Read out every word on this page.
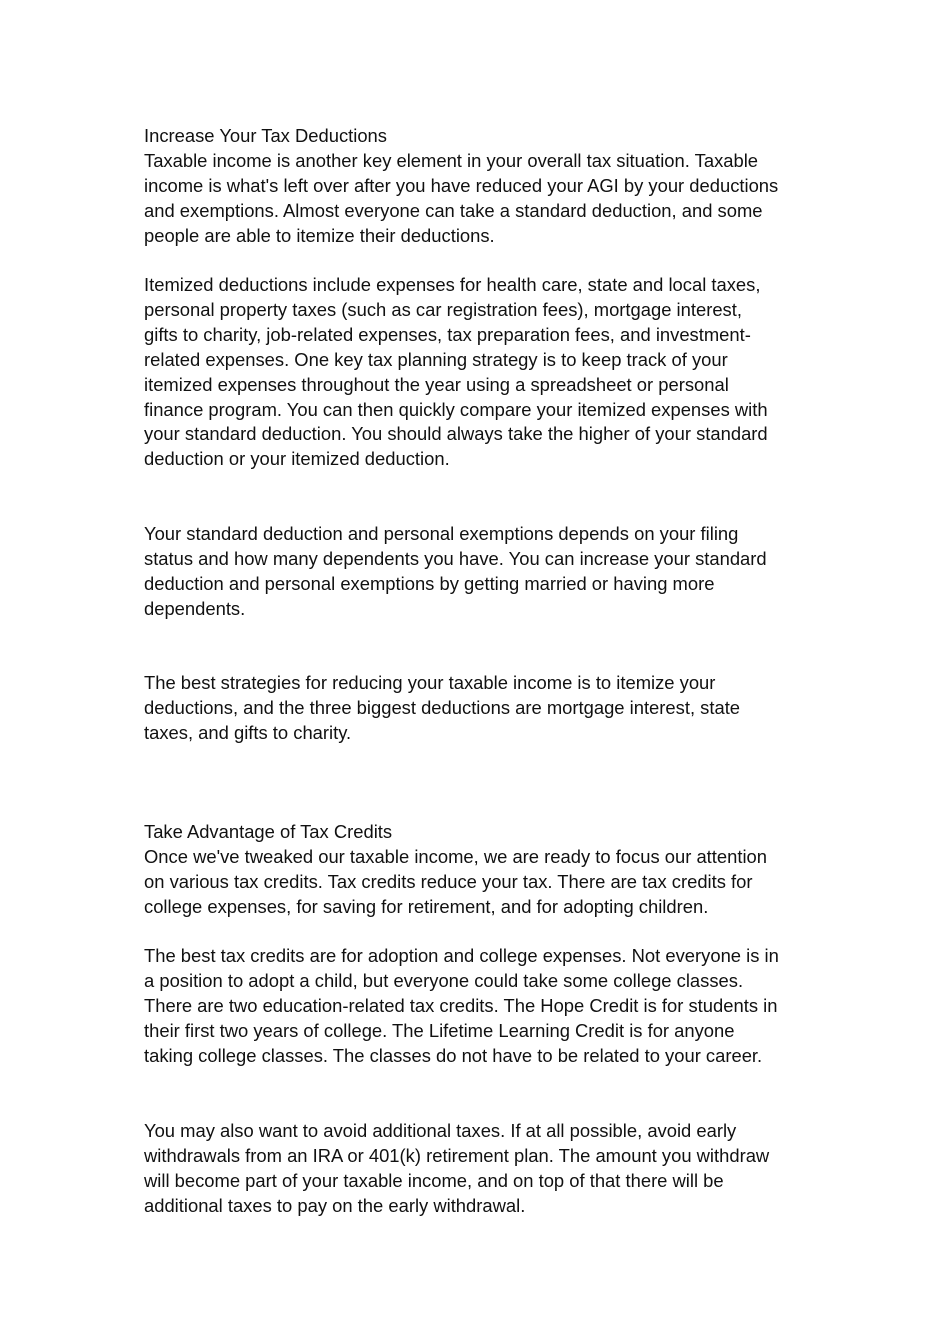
Increase Your Tax Deductions
Taxable income is another key element in your overall tax situation. Taxable
income is what's left over after you have reduced your AGI by your deductions
and exemptions. Almost everyone can take a standard deduction, and some
people are able to itemize their deductions.

Itemized deductions include expenses for health care, state and local taxes,
personal property taxes (such as car registration fees), mortgage interest,
gifts to charity, job-related expenses, tax preparation fees, and investment-
related expenses. One key tax planning strategy is to keep track of your
itemized expenses throughout the year using a spreadsheet or personal
finance program. You can then quickly compare your itemized expenses with
your standard deduction. You should always take the higher of your standard
deduction or your itemized deduction.

Your standard deduction and personal exemptions depends on your filing
status and how many dependents you have. You can increase your standard
deduction and personal exemptions by getting married or having more
dependents.

The best strategies for reducing your taxable income is to itemize your
deductions, and the three biggest deductions are mortgage interest, state
taxes, and gifts to charity.

Take Advantage of Tax Credits
Once we've tweaked our taxable income, we are ready to focus our attention
on various tax credits. Tax credits reduce your tax. There are tax credits for
college expenses, for saving for retirement, and for adopting children.

The best tax credits are for adoption and college expenses. Not everyone is in
a position to adopt a child, but everyone could take some college classes.
There are two education-related tax credits. The Hope Credit is for students in
their first two years of college. The Lifetime Learning Credit is for anyone
taking college classes. The classes do not have to be related to your career.

You may also want to avoid additional taxes. If at all possible, avoid early
withdrawals from an IRA or 401(k) retirement plan. The amount you withdraw
will become part of your taxable income, and on top of that there will be
additional taxes to pay on the early withdrawal.
